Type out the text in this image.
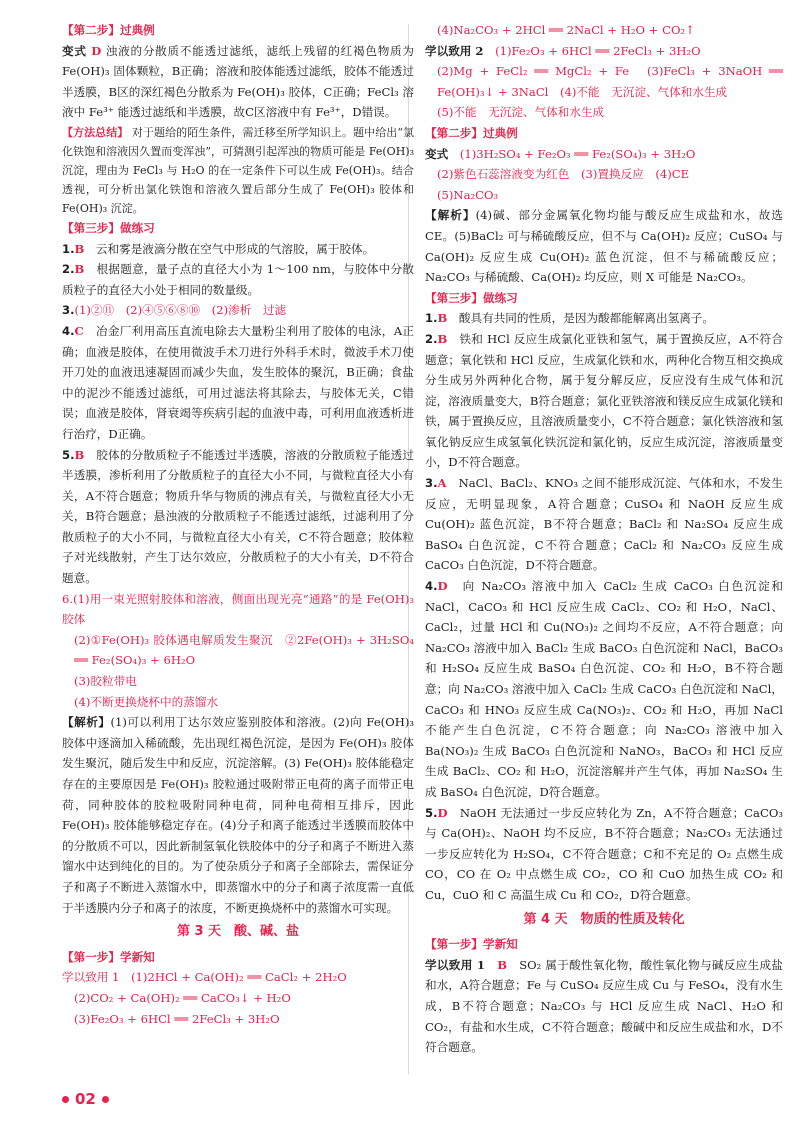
【第二步】过典例

变式 D 浊液的分散质不能透过滤纸，滤纸上残留的红褐色物质为 Fe(OH)₃ 固体颗粒，B正确；溶液和胶体能透过滤纸，胶体不能透过半透膜，B区的深红褐色分散系为 Fe(OH)₃ 胶体，C正确；FeCl₃ 溶液中 Fe³⁺ 能透过滤纸和半透膜，故C区溶液中有 Fe³⁺，D错误。

【方法总结】 对于题给的陌生条件，需迁移至所学知识上。题中给出“氯化铁饱和溶液因久置而变浑浊”，可猜测引起浑浊的物质可能是 Fe(OH)₃ 沉淀，理由为 FeCl₃ 与 H₂O 的在一定条件下可以生成 Fe(OH)₃。结合透视，可分析出氯化铁饱和溶液久置后部分生成了 Fe(OH)₃ 胶体和 Fe(OH)₃ 沉淀。

【第三步】做练习

1.B　 云和雾是液滴分散在空气中形成的气溶胶，属于胶体。

2.B　 根据题意，量子点的直径大小为 1～100 nm，与胶体中分散质粒子的直径大小处于相同的数量级。

3.(1)②⑪　(2)④⑤⑥⑧⑩　(2)渗析　过滤

4.C　 冶金厂利用高压直流电除去大量粉尘利用了胶体的电泳，A正确；血液是胶体，在使用微波手术刀进行外科手术时，微波手术刀使开刀处的血液迅速凝固而减少失血，发生胶体的聚沉，B正确；食盐中的泥沙不能透过滤纸，可用过滤法将其除去，与胶体无关，C错误；血液是胶体，肾衰竭等疾病引起的血液中毒，可利用血液透析进行治疗，D正确。

5.B　 胶体的分散质粒子不能透过半透膜，溶液的分散质粒子能透过半透膜，渗析利用了分散质粒子的直径大小不同，与微粒直径大小有关，A不符合题意；物质升华与物质的沸点有关，与微粒直径大小无关，B符合题意；悬浊液的分散质粒子不能透过滤纸，过滤利用了分散质粒子的大小不同，与微粒直径大小有关，C不符合题意；胶体粒子对光线散射，产生丁达尔效应，分散质粒子的大小有关，D不符合题意。

6.(1)用一束光照射胶体和溶液，侧面出现光亮“通路”的是 Fe(OH)₃ 胶体

(2)①Fe(OH)₃ 胶体遇电解质发生聚沉　②2Fe(OH)₃ + 3H₂SO₄ ══ Fe₂(SO₄)₃ + 6H₂O

(3)胶粒带电

(4)不断更换烧杯中的蒸馏水

【解析】(1)可以利用丁达尔效应鉴别胶体和溶液。(2)向 Fe(OH)₃ 胶体中逐滴加入稀硫酸，先出现红褐色沉淀，是因为 Fe(OH)₃ 胶体发生聚沉，随后发生中和反应，沉淀溶解。(3) Fe(OH)₃ 胶体能稳定存在的主要原因是 Fe(OH)₃ 胶粒通过吸附带正电荷的离子而带正电荷，同种胶体的胶粒吸附同种电荷，同种电荷相互排斥，因此 Fe(OH)₃ 胶体能够稳定存在。(4)分子和离子能透过半透膜而胶体中的分散质不可以，因此新制氢氧化铁胶体中的分子和离子不断进入蒸馏水中达到纯化的目的。为了使杂质分子和离子全部除去，需保证分子和离子不断进入蒸馏水中，即蒸馏水中的分子和离子浓度需一直低于半透膜内分子和离子的浓度，不断更换烧杯中的蒸馏水可实现。

第 3 天　酸、碱、盐
【第一步】学新知

学以致用 1　(1)2HCl + Ca(OH)₂ ══ CaCl₂ + 2H₂O

(2)CO₂ + Ca(OH)₂ ══ CaCO₃↓ + H₂O

(3)Fe₂O₃ + 6HCl ══ 2FeCl₃ + 3H₂O

(4)Na₂CO₃ + 2HCl ══ 2NaCl + H₂O + CO₂↑

学以致用 2　 (1)Fe₂O₃ + 6HCl ══ 2FeCl₃ + 3H₂O

(2)Mg + FeCl₂ ══ MgCl₂ + Fe　(3)FeCl₃ + 3NaOH ══ Fe(OH)₃↓ + 3NaCl　(4)不能　无沉淀、气体和水生成

(5)不能　无沉淀、气体和水生成

【第二步】过典例

变式　 (1)3H₂SO₄ + Fe₂O₃ ══ Fe₂(SO₄)₃ + 3H₂O

(2)紫色石蕊溶液变为红色　(3)置换反应　(4)CE

(5)Na₂CO₃

【解析】(4)碱、部分金属氧化物均能与酸反应生成盐和水，故选 CE。(5)BaCl₂ 可与稀硫酸反应，但不与 Ca(OH)₂ 反应；CuSO₄ 与 Ca(OH)₂ 反应生成 Cu(OH)₂ 蓝色沉淀，但不与稀硫酸反应；Na₂CO₃ 与稀硫酸、Ca(OH)₂ 均反应，则 X 可能是 Na₂CO₃。

【第三步】做练习

1.B　 酸具有共同的性质，是因为酸都能解离出氢离子。

2.B　 铁和 HCl 反应生成氯化亚铁和氢气，属于置换反应，A不符合题意；氧化铁和 HCl 反应，生成氯化铁和水，两种化合物互相交换成分生成另外两种化合物，属于复分解反应，反应没有生成气体和沉淀，溶液质量变大，B符合题意；氯化亚铁溶液和镁反应生成氯化镁和铁，属于置换反应，且溶液质量变小，C不符合题意；氯化铁溶液和氢氧化钠反应生成氢氧化铁沉淀和氯化钠，反应生成沉淀，溶液质量变小，D不符合题意。

3.A　 NaCl、BaCl₂、KNO₃ 之间不能形成沉淀、气体和水，不发生反应，无明显现象，A符合题意；CuSO₄ 和 NaOH 反应生成 Cu(OH)₂ 蓝色沉淀，B不符合题意；BaCl₂ 和 Na₂SO₄ 反应生成 BaSO₄ 白色沉淀，C不符合题意；CaCl₂ 和 Na₂CO₃ 反应生成 CaCO₃ 白色沉淀，D不符合题意。

4.D　 向 Na₂CO₃ 溶液中加入 CaCl₂ 生成 CaCO₃ 白色沉淀和 NaCl，CaCO₃ 和 HCl 反应生成 CaCl₂、CO₂ 和 H₂O，NaCl、CaCl₂，过量 HCl 和 Cu(NO₃)₂ 之间均不反应，A不符合题意；向 Na₂CO₃ 溶液中加入 BaCl₂ 生成 BaCO₃ 白色沉淀和 NaCl，BaCO₃ 和 H₂SO₄ 反应生成 BaSO₄ 白色沉淀、CO₂ 和 H₂O，B不符合题意；向 Na₂CO₃ 溶液中加入 CaCl₂ 生成 CaCO₃ 白色沉淀和 NaCl，CaCO₃ 和 HNO₃ 反应生成 Ca(NO₃)₂、CO₂ 和 H₂O，再加 NaCl 不能产生白色沉淀，C不符合题意；向 Na₂CO₃ 溶液中加入 Ba(NO₃)₂ 生成 BaCO₃ 白色沉淀和 NaNO₃，BaCO₃ 和 HCl 反应生成 BaCl₂、CO₂ 和 H₂O，沉淀溶解并产生气体，再加 Na₂SO₄ 生成 BaSO₄ 白色沉淀，D符合题意。

5.D　 NaOH 无法通过一步反应转化为 Zn，A不符合题意；CaCO₃ 与 Ca(OH)₂、NaOH 均不反应，B不符合题意；Na₂CO₃ 无法通过一步反应转化为 H₂SO₄，C不符合题意；C和不充足的 O₂ 点燃生成 CO，CO 在 O₂ 中点燃生成 CO₂，CO 和 CuO 加热生成 CO₂ 和 Cu，CuO 和 C 高温生成 Cu 和 CO₂，D符合题意。

第 4 天　物质的性质及转化
【第一步】学新知

学以致用 1　 B　 SO₂ 属于酸性氧化物，酸性氧化物与碱反应生成盐和水，A符合题意；Fe 与 CuSO₄ 反应生成 Cu 与 FeSO₄，没有水生成，B不符合题意；Na₂CO₃ 与 HCl 反应生成 NaCl、H₂O 和 CO₂，有盐和水生成，C不符合题意；酸碱中和反应生成盐和水，D不符合题意。

02
